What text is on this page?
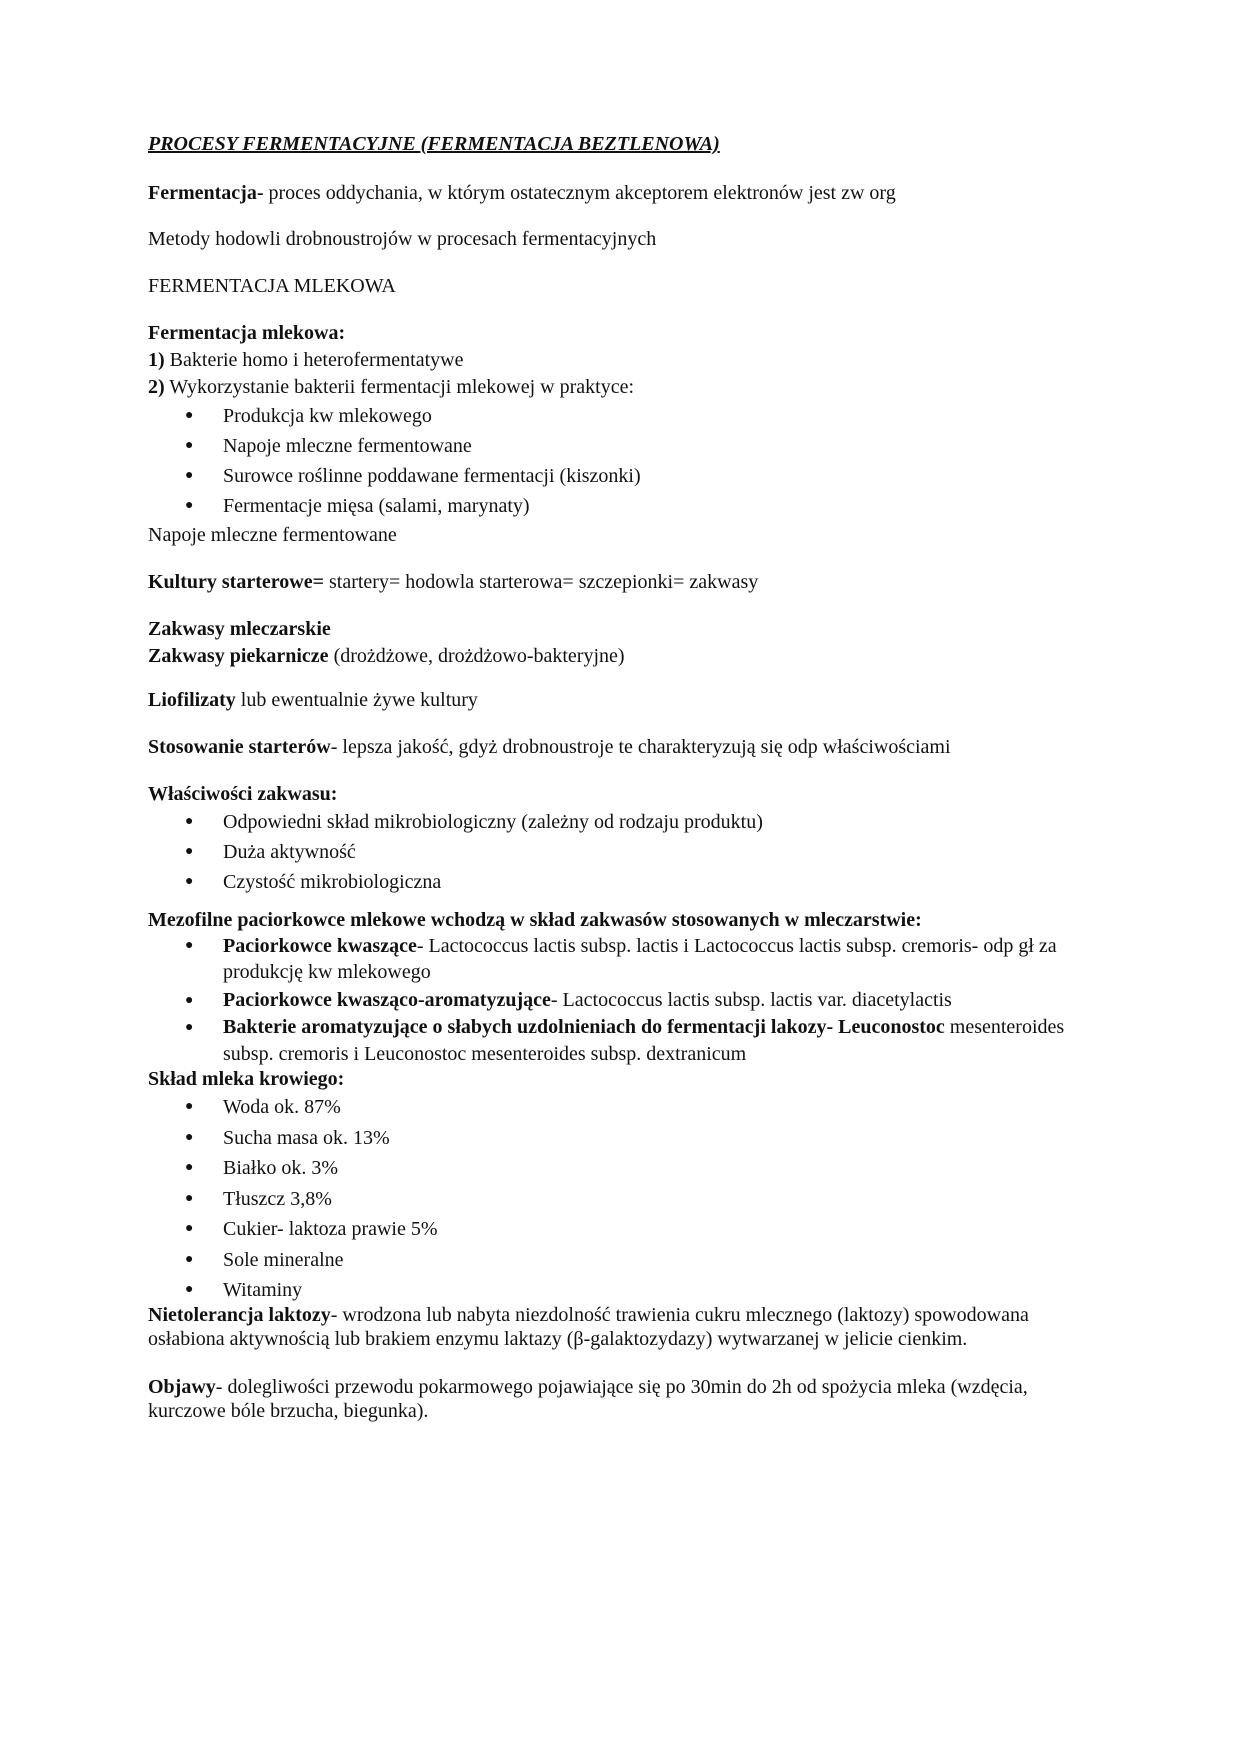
PROCESY FERMENTACYJNE (FERMENTACJA BEZTLENOWA)
Fermentacja- proces oddychania, w którym ostatecznym akceptorem elektronów jest zw org
Metody hodowli drobnoustrojów w procesach fermentacyjnych
FERMENTACJA MLEKOWA
Fermentacja mlekowa:
1) Bakterie homo i heterofermentatywe
2) Wykorzystanie bakterii fermentacji mlekowej w praktyce:
● Produkcja kw mlekowego
● Napoje mleczne fermentowane
● Surowce roślinne poddawane fermentacji (kiszonki)
● Fermentacje mięsa (salami, marynaty)
Napoje mleczne fermentowane
Kultury starterowe= startery= hodowla starterowa= szczepionki= zakwasy
Zakwasy mleczarskie
Zakwasy piekarnicze (drożdżowe, drożdżowo-bakteryjne)
Liofilizaty lub ewentualnie żywe kultury
Stosowanie starterów- lepsza jakość, gdyż drobnoustroje te charakteryzują się odp właściwościami
Właściwości zakwasu:
● Odpowiedni skład mikrobiologiczny (zależny od rodzaju produktu)
● Duża aktywność
● Czystość mikrobiologiczna
Mezofilne paciorkowce mlekowe wchodzą w skład zakwasów stosowanych w mleczarstwie:
● Paciorkowce kwaszące- Lactococcus lactis subsp. lactis i Lactococcus lactis subsp. cremoris- odp gł za produkcję kw mlekowego
● Paciorkowce kwasząco-aromatyzujące- Lactococcus lactis subsp. lactis var. diacetylactis
● Bakterie aromatyzujące o słabych uzdolnieniach do fermentacji lakozy- Leuconostoc mesenteroides subsp. cremoris i Leuconostoc mesenteroides subsp. dextranicum
Skład mleka krowiego:
● Woda ok. 87%
● Sucha masa ok. 13%
● Białko ok. 3%
● Tłuszcz 3,8%
● Cukier- laktoza prawie 5%
● Sole mineralne
● Witaminy
Nietolerancja laktozy- wrodzona lub nabyta niezdolność trawienia cukru mlecznego (laktozy) spowodowana osłabiona aktywnością lub brakiem enzymu laktazy (β-galaktozydazy) wytwarzanej w jelicie cienkim.
Objawy- dolegliwości przewodu pokarmowego pojawiające się po 30min do 2h od spożycia mleka (wzdęcia, kurczowe bóle brzucha, biegunka).
